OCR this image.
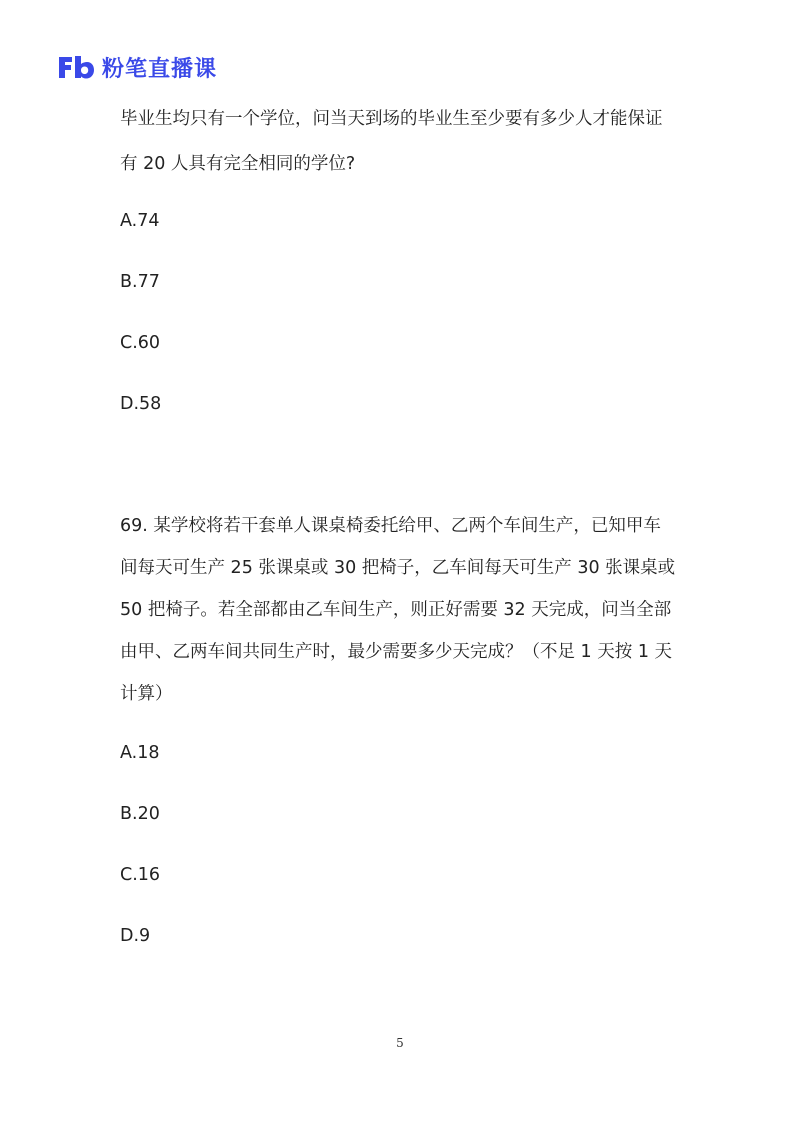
粉笔直播课
毕业生均只有一个学位，问当天到场的毕业生至少要有多少人才能保证
有 20 人具有完全相同的学位?
A.74
B.77
C.60
D.58
69. 某学校将若干套单人课桌椅委托给甲、乙两个车间生产，已知甲车
间每天可生产 25 张课桌或 30 把椅子，乙车间每天可生产 30 张课桌或
50 把椅子。若全部都由乙车间生产，则正好需要 32 天完成，问当全部
由甲、乙两车间共同生产时，最少需要多少天完成？（不足 1 天按 1 天
计算）
A.18
B.20
C.16
D.9
5
